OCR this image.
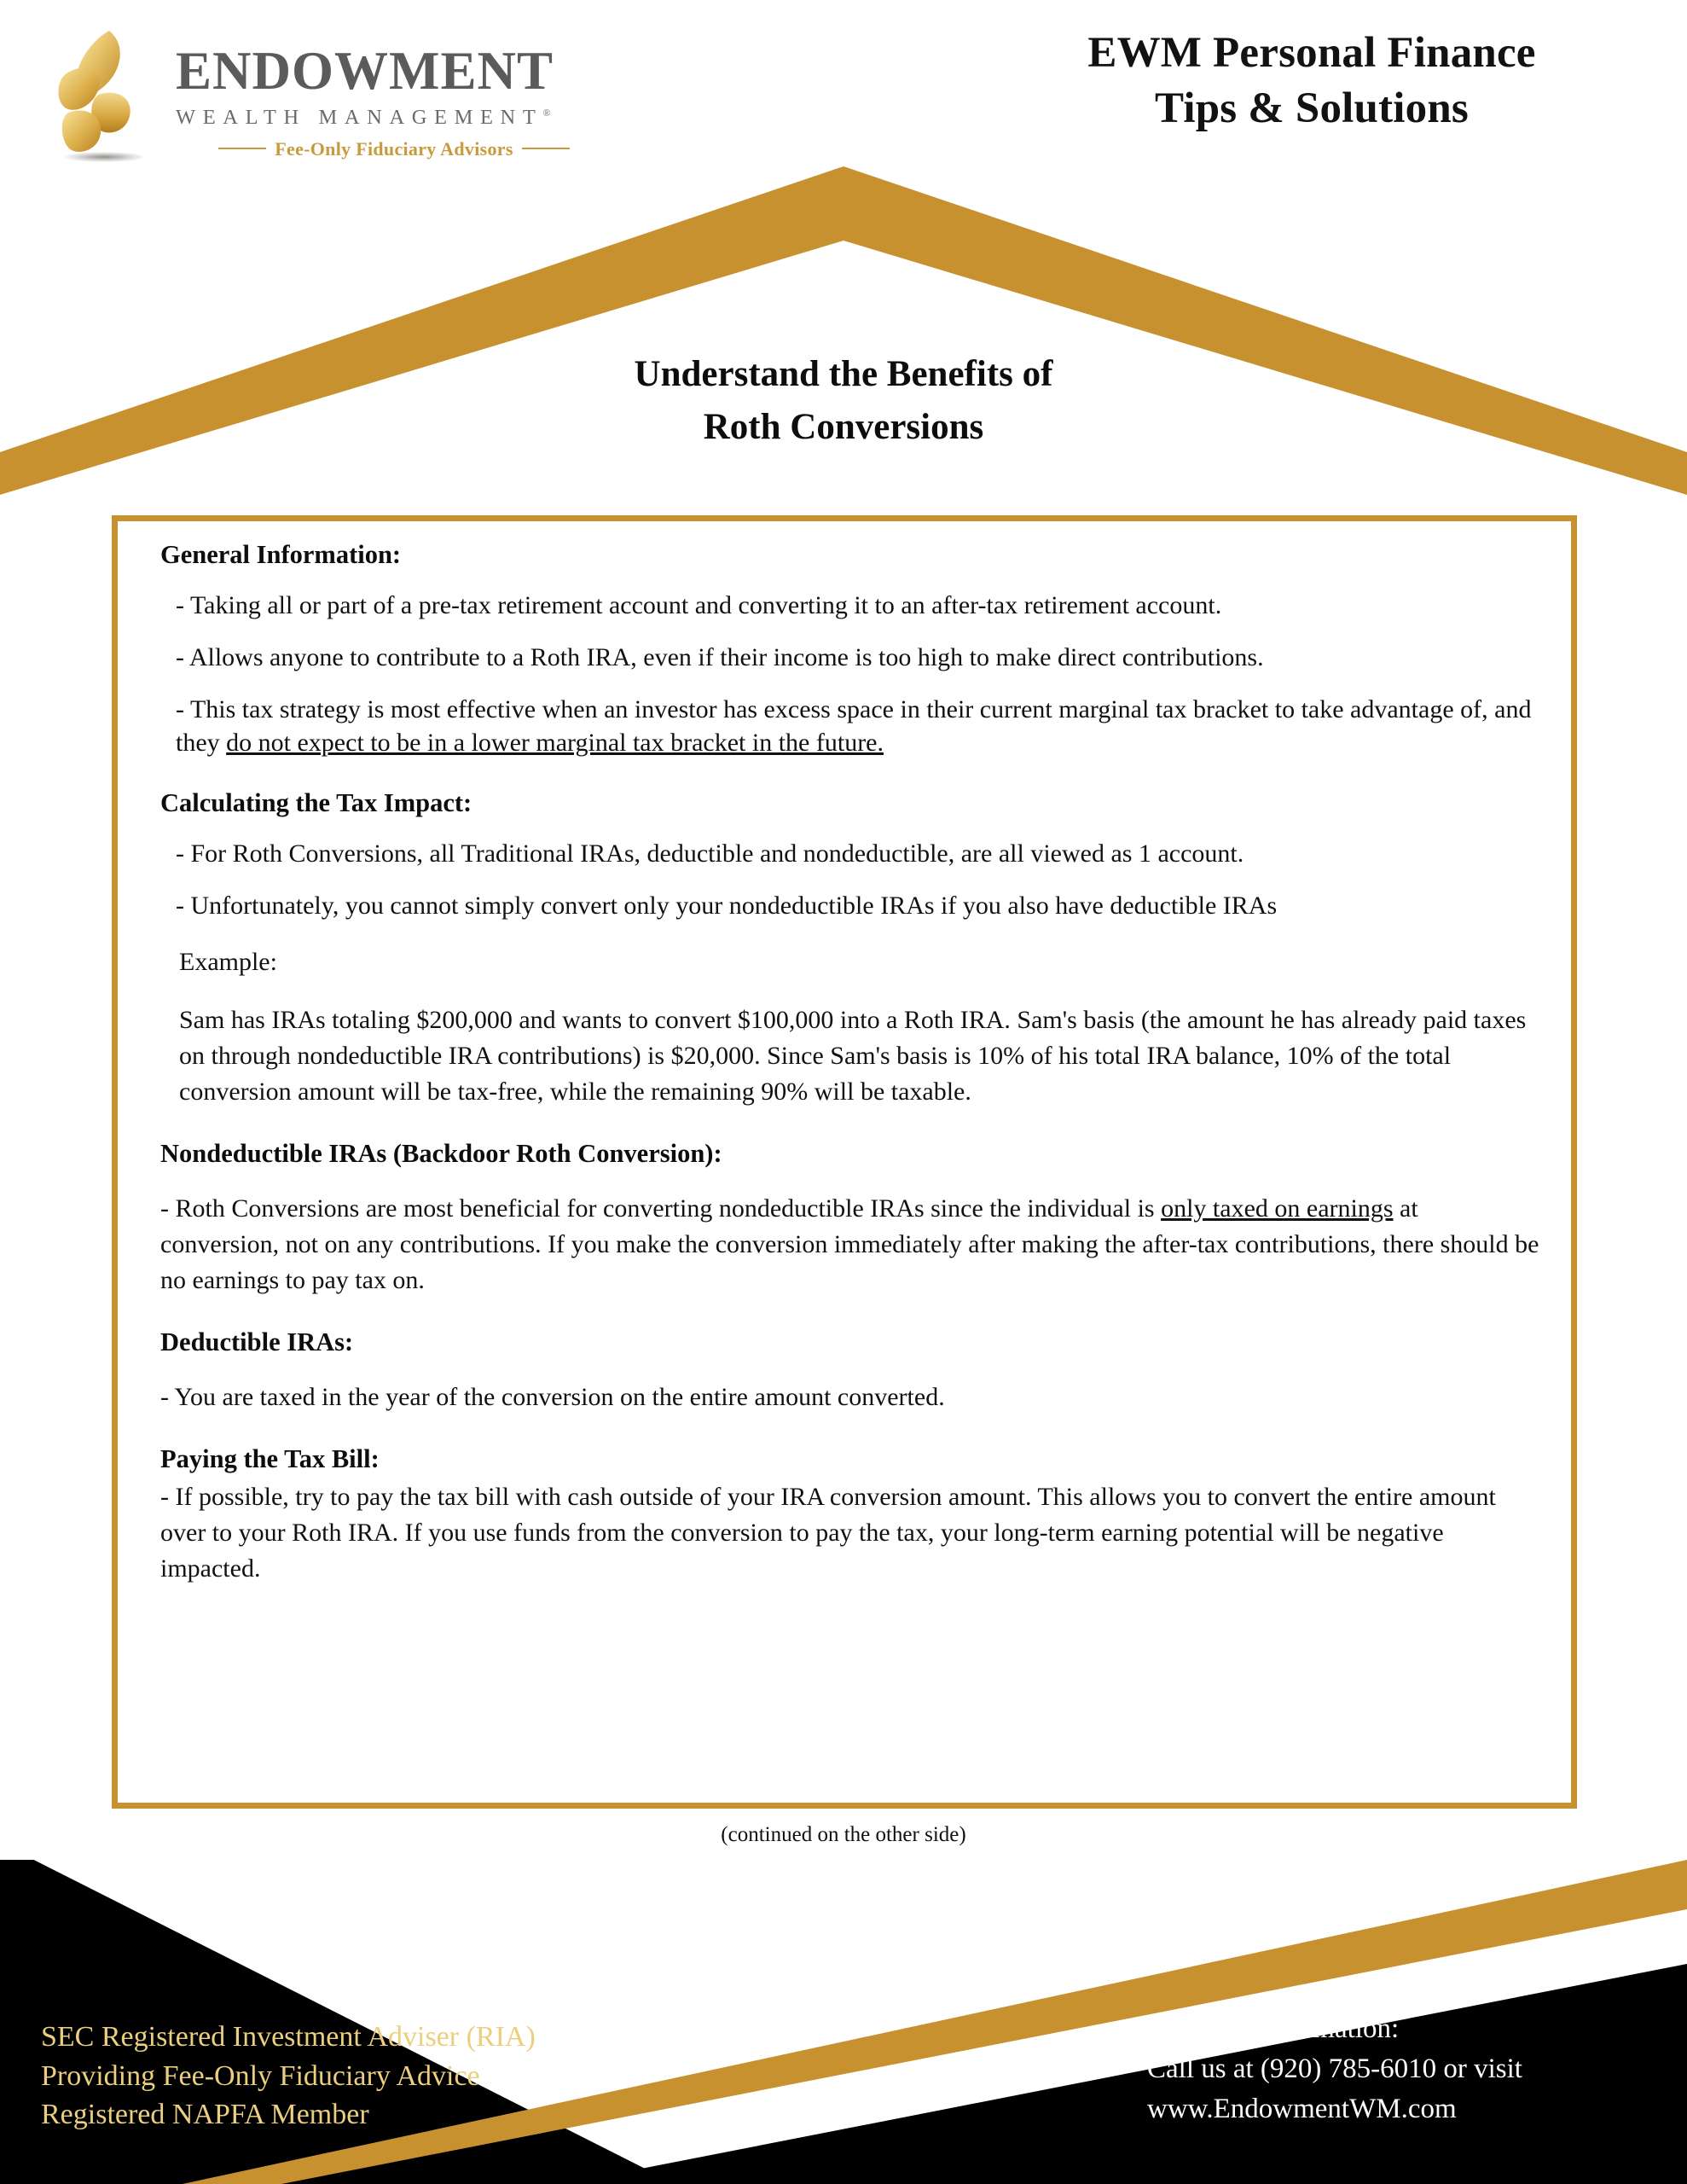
ENDOWMENT
WEALTH MANAGEMENT®
Fee-Only Fiduciary Advisors
EWM Personal Finance
Tips & Solutions
Understand the Benefits of
Roth Conversions
General Information:
- Taking all or part of a pre-tax retirement account and converting it to an after-tax retirement account.
- Allows anyone to contribute to a Roth IRA, even if their income is too high to make direct contributions.
- This tax strategy is most effective when an investor has excess space in their current marginal tax bracket to take advantage of, and they do not expect to be in a lower marginal tax bracket in the future.
Calculating the Tax Impact:
- For Roth Conversions, all Traditional IRAs, deductible and nondeductible, are all viewed as 1 account.
- Unfortunately, you cannot simply convert only your nondeductible IRAs if you also have deductible IRAs
Example:
Sam has IRAs totaling $200,000 and wants to convert $100,000 into a Roth IRA. Sam's basis (the amount he has already paid taxes on through nondeductible IRA contributions) is $20,000. Since Sam's basis is 10% of his total IRA balance, 10% of the total conversion amount will be tax-free, while the remaining 90% will be taxable.
Nondeductible IRAs (Backdoor Roth Conversion):
- Roth Conversions are most beneficial for converting nondeductible IRAs since the individual is only taxed on earnings at conversion, not on any contributions. If you make the conversion immediately after making the after-tax contributions, there should be no earnings to pay tax on.
Deductible IRAs:
- You are taxed in the year of the conversion on the entire amount converted.
Paying the Tax Bill:
- If possible, try to pay the tax bill with cash outside of your IRA conversion amount. This allows you to convert the entire amount over to your Roth IRA. If you use funds from the conversion to pay the tax, your long-term earning potential will be negative impacted.
(continued on the other side)
SEC Registered Investment Adviser (RIA)
Providing Fee-Only Fiduciary Advice
Registered NAPFA Member
For more information:
Call us at (920) 785-6010 or visit
www.EndowmentWM.com
